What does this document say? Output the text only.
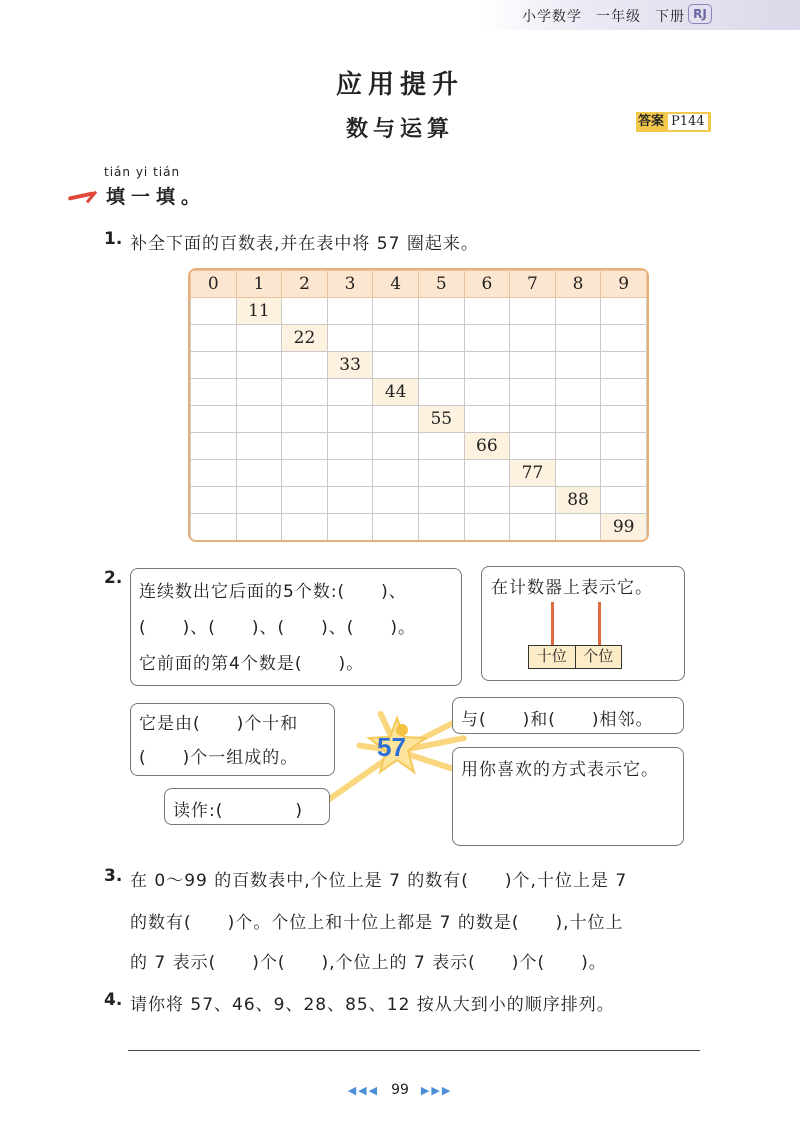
小学数学 一年级 下册 RJ
应用提升
数与运算	答案 P144
tián yi tián
填一填。
1. 补全下面的百数表,并在表中将 57 圈起来。
0	1	2	3	4	5	6	7	8	9
	11								
		22							
			33						
				44					
					55				
						66			
							77		
								88	
									99
2.
57
连续数出它后面的5个数:(　　)、
(　　)、(　　)、(　　)、(　　)。
它前面的第4个数是(　　)。
在计数器上表示它。
十位	个位
它是由(　　)个十和
(　　)个一组成的。
读作:(　　　　)
与(　　)和(　　)相邻。
用你喜欢的方式表示它。
3. 在 0～99 的百数表中,个位上是 7 的数有(　　)个,十位上是 7
的数有(　　)个。个位上和十位上都是 7 的数是(　　),十位上
的 7 表示(　　)个(　　),个位上的 7 表示(　　)个(　　)。
4. 请你将 57、46、9、28、85、12 按从大到小的顺序排列。
◀◀◀ 99 ▶▶▶
